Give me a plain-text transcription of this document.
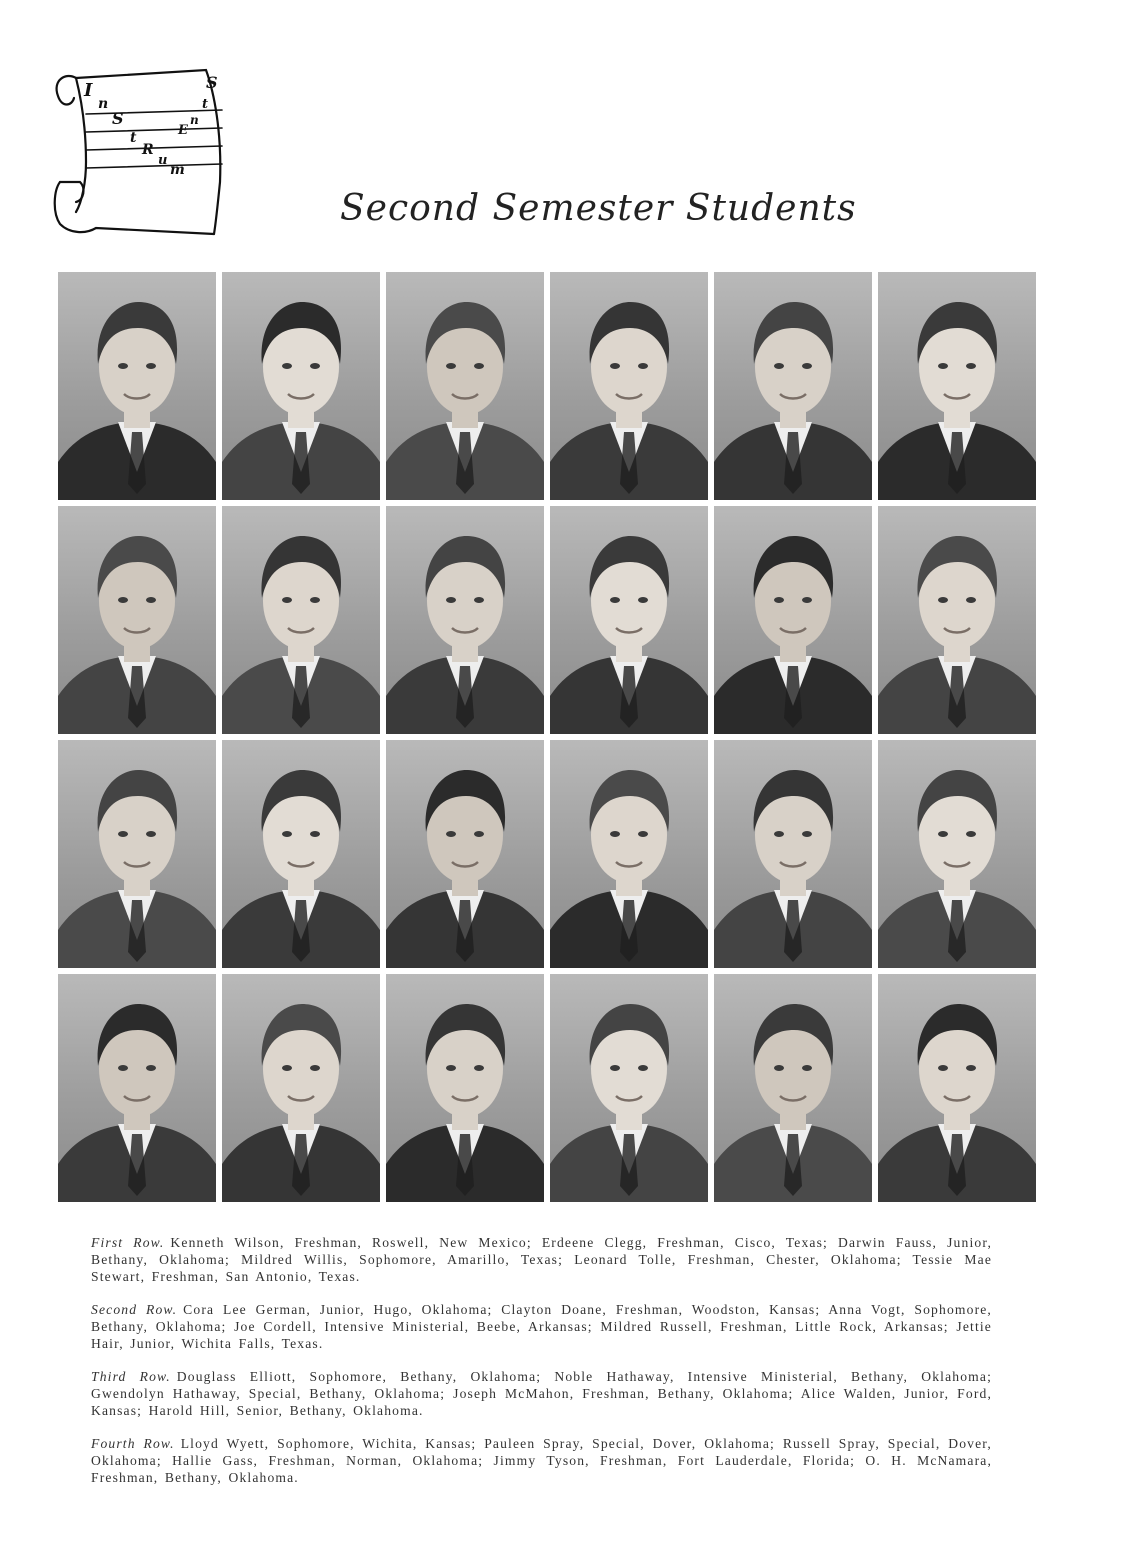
I
n
S
t
R
u
m
E
n
t
S
Second Semester Students

First Row. Kenneth Wilson, Freshman, Roswell, New Mexico; Erdeene Clegg, Freshman, Cisco, Texas; Darwin Fauss, Junior, Bethany, Oklahoma; Mildred Willis, Sophomore, Amarillo, Texas; Leonard Tolle, Freshman, Chester, Oklahoma; Tessie Mae Stewart, Freshman, San Antonio, Texas.

Second Row. Cora Lee German, Junior, Hugo, Oklahoma; Clayton Doane, Freshman, Woodston, Kansas; Anna Vogt, Sophomore, Bethany, Oklahoma; Joe Cordell, Intensive Ministerial, Beebe, Arkansas; Mildred Russell, Freshman, Little Rock, Arkansas; Jettie Hair, Junior, Wichita Falls, Texas.

Third Row. Douglass Elliott, Sophomore, Bethany, Oklahoma; Noble Hathaway, Intensive Ministerial, Bethany, Oklahoma; Gwendolyn Hathaway, Special, Bethany, Oklahoma; Joseph McMahon, Freshman, Bethany, Oklahoma; Alice Walden, Junior, Ford, Kansas; Harold Hill, Senior, Bethany, Oklahoma.

Fourth Row. Lloyd Wyett, Sophomore, Wichita, Kansas; Pauleen Spray, Special, Dover, Oklahoma; Russell Spray, Special, Dover, Oklahoma; Hallie Gass, Freshman, Norman, Oklahoma; Jimmy Tyson, Freshman, Fort Lauderdale, Florida; O. H. McNamara, Freshman, Bethany, Oklahoma.
